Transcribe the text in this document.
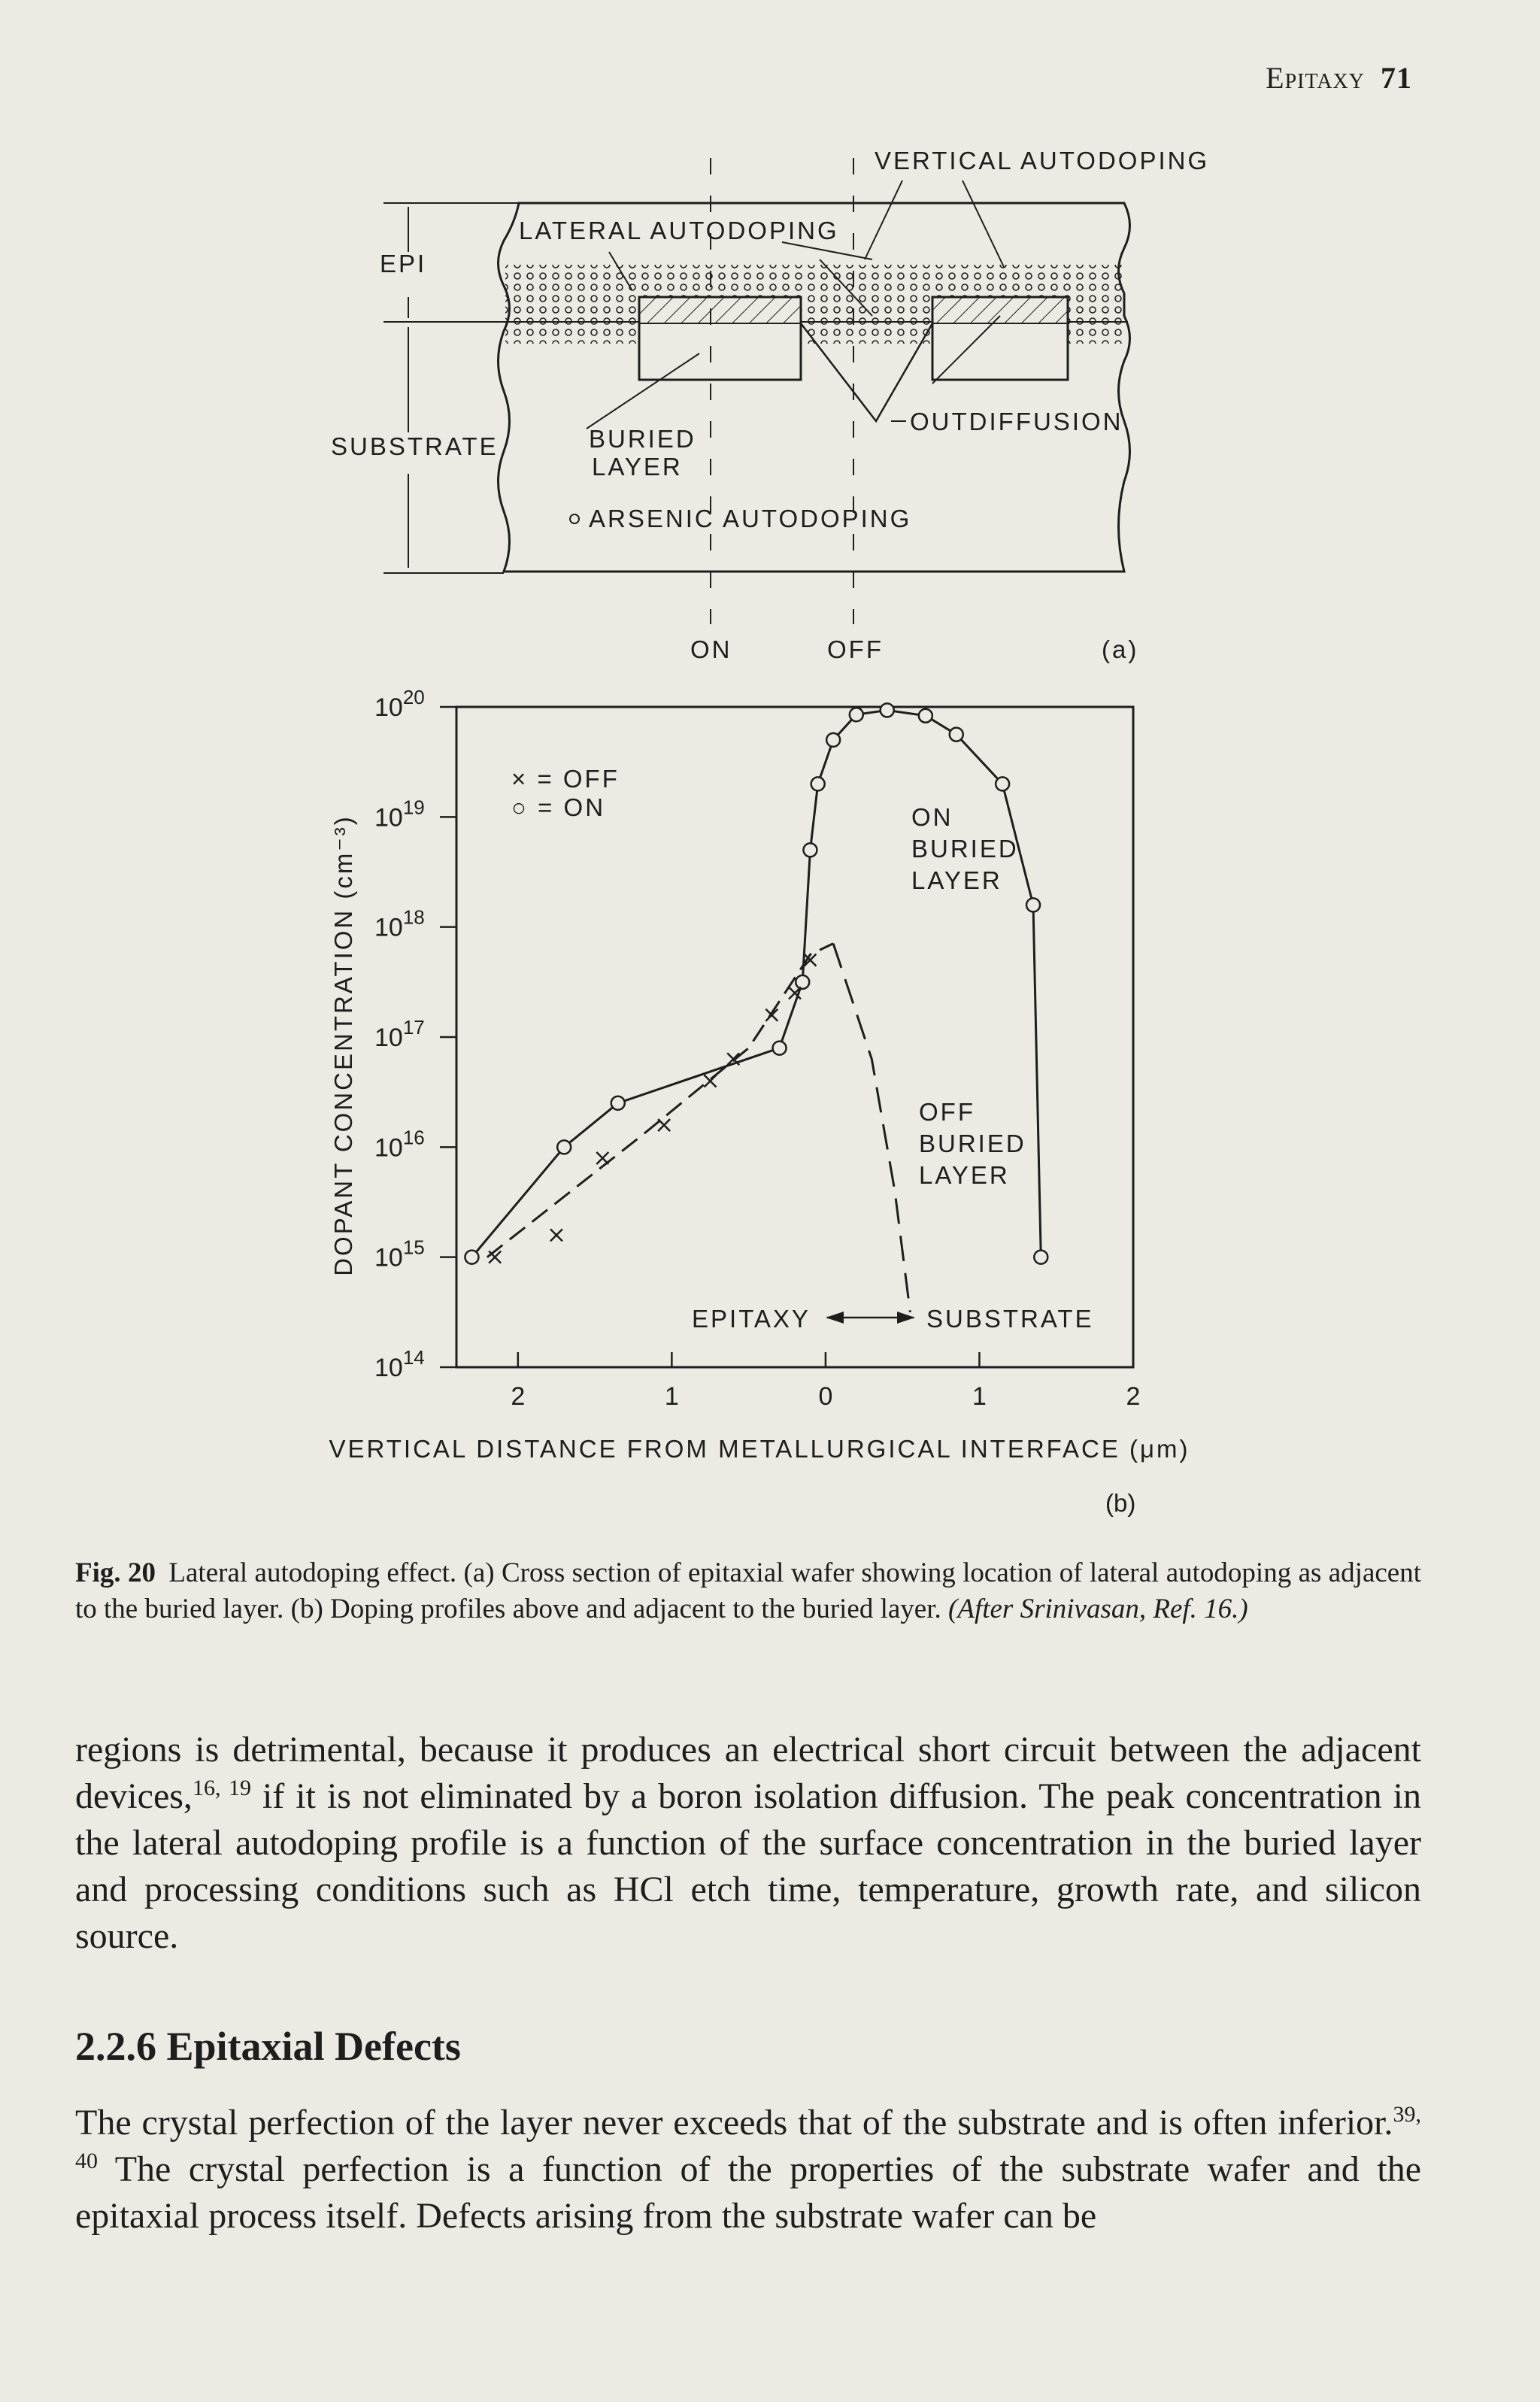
Epitaxy 71
VERTICAL AUTODOPING
LATERAL AUTODOPING
EPI
SUBSTRATE	BURIED
LAYER
OUTDIFFUSION
ARSENIC AUTODOPING
ON	OFF	(a)
$10^{14}$
$10^{15}$
$10^{16}$
$10^{17}$
$10^{18}$
$10^{19}$
$10^{20}$
2	1	0	1	2
× = OFF
○ = ON	ON
BURIED
LAYER
OFF
BURIED
LAYER
EPITAXY	SUBSTRATE
DOPANT CONCENTRATION (cm⁻³)
VERTICAL DISTANCE FROM METALLURGICAL INTERFACE (μm)
(b)
Fig. 20 Lateral autodoping effect. (a) Cross section of epitaxial wafer showing location of lateral autodoping as adjacent to the buried layer. (b) Doping profiles above and adjacent to the buried layer. (After Srinivasan, Ref. 16.)
regions is detrimental, because it produces an electrical short circuit between the adjacent devices,$^{16, 19}$ if it is not eliminated by a boron isolation diffusion. The peak concentration in the lateral autodoping profile is a function of the surface concentration in the buried layer and processing conditions such as HCl etch time, temperature, growth rate, and silicon source.
2.2.6 Epitaxial Defects
The crystal perfection of the layer never exceeds that of the substrate and is often inferior.$^{39, 40}$ The crystal perfection is a function of the properties of the substrate wafer and the epitaxial process itself. Defects arising from the substrate wafer can be
